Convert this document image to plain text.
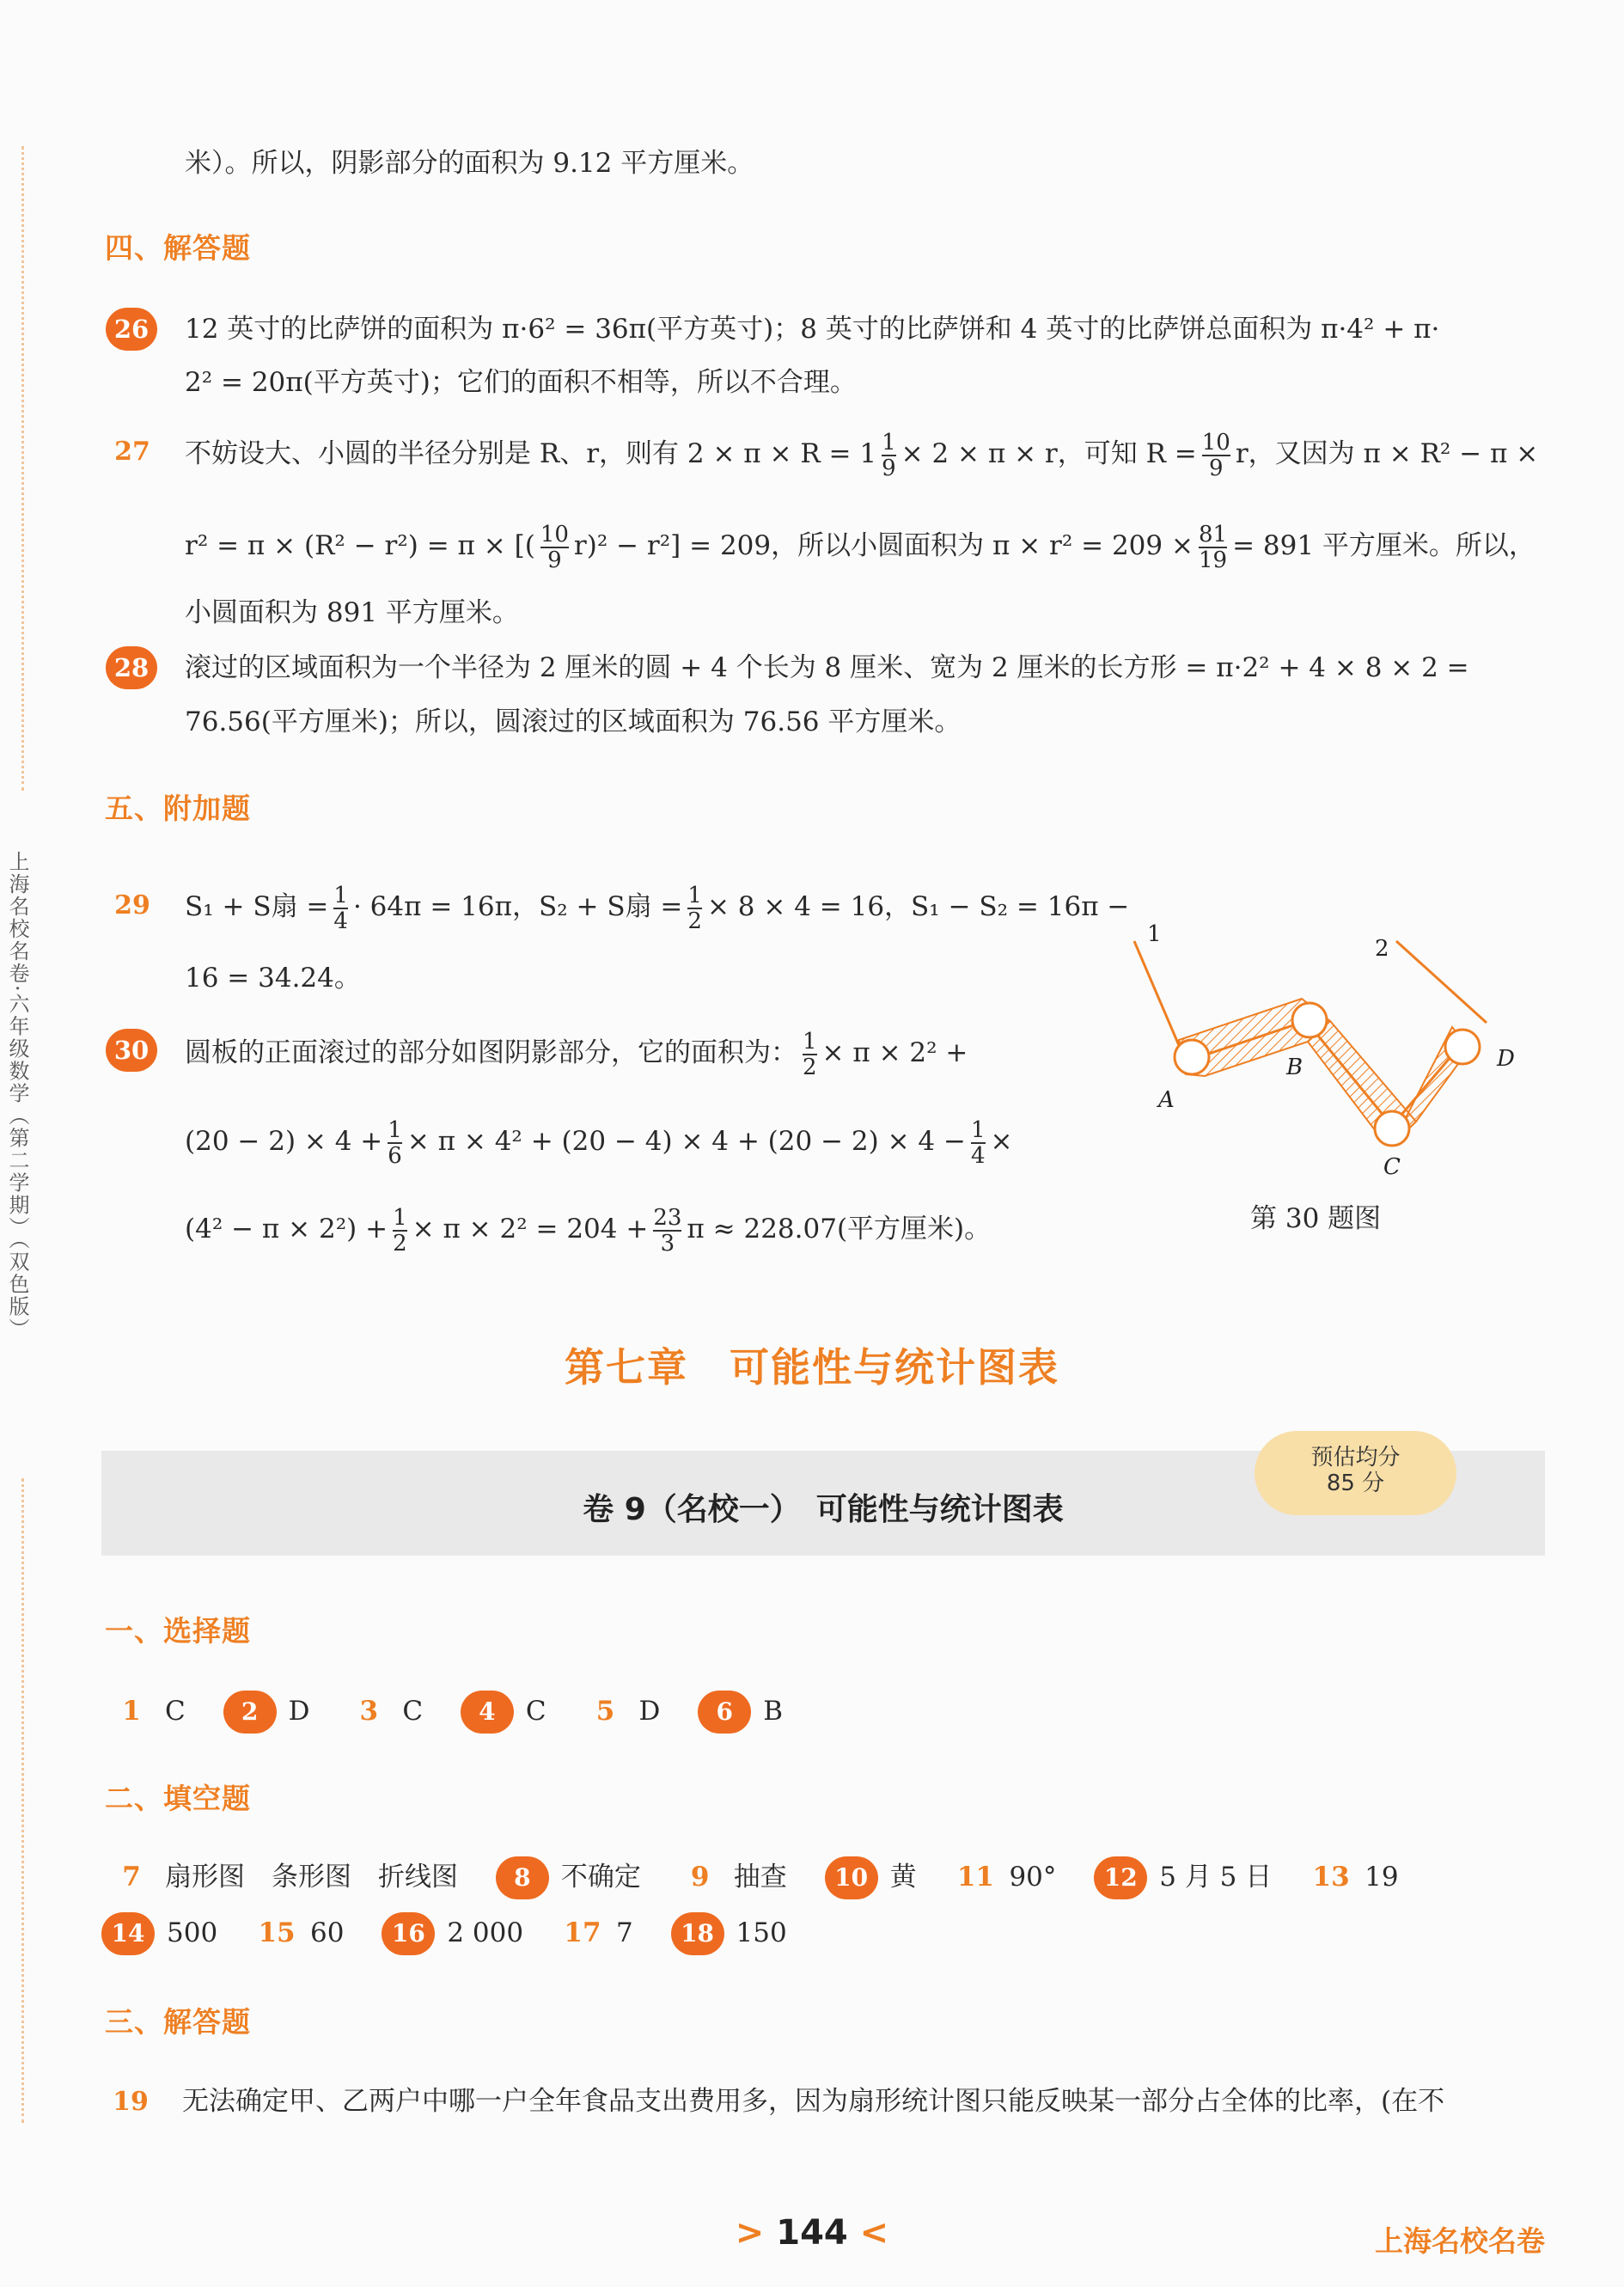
上海名校名卷·六年级数学（第二学期）（双色版）
米）。所以，阴影部分的面积为 9.12 平方厘米。
四、解答题
26	12 英寸的比萨饼的面积为 π·6² = 36π(平方英寸)；8 英寸的比萨饼和 4 英寸的比萨饼总面积为 π·4² + π·
2² = 20π(平方英寸)；它们的面积不相等，所以不合理。
27 不妨设大、小圆的半径分别是 R、r，则有 $2 \times \pi \times R = 1 \frac{1}{9} \times 2 \times \pi \times r$，可知 $R = \frac{10}{9}$ r，又因为 π × R² − π ×
r² = π × (R² − r²) = π × [( $\frac{10}{9} r)^2 - r^2] = 209$，所以小圆面积为 $\pi \times r^2 = 209 \times \frac{81}{19} = 891$ 平方厘米。所以，
小圆面积为 891 平方厘米。
28	滚过的区域面积为一个半径为 2 厘米的圆 + 4 个长为 8 厘米、宽为 2 厘米的长方形 = π·2² + 4 × 8 × 2 =
76.56(平方厘米)；所以，圆滚过的区域面积为 76.56 平方厘米。
五、附加题
29 S₁ + S扇 = $\frac{1}{4} \cdot 64\pi = 16\pi$，S₂ + S扇 = $\frac{1}{2} \times 8 \times 4 = 16$，S₁ − S₂ = 16π −
16 = 34.24。
30	圆板的正面滚过的部分如图阴影部分，它的面积为： $\frac{1}{2} \times \pi \times 2^2$ +
$(20 - 2) \times 4 + \frac{1}{6} \times \pi \times 4^2 + (20 - 4) \times 4 + (20 - 2) \times 4 - \frac{1}{4}$ ×
$(4^2 - \pi \times 2^2) + \frac{1}{2} \times \pi \times 2^2 = 204 + \frac{23}{3}$ π ≈ 228.07(平方厘米)。
1
2
A
B
C
D
第 30 题图
第七章　可能性与统计图表
卷 9（名校一）　可能性与统计图表
预估均分
85 分
一、选择题
1 C 2 D 3 C 4 C 5 D 6 B
二、填空题
7 扇形图　条形图　折线图 8 不确定 9 抽查 10 黄 11 90° 12 5 月 5 日 13 19
14 500 15 60 16 2 000 17 7 18 150
三、解答题
19 无法确定甲、乙两户中哪一户全年食品支出费用多，因为扇形统计图只能反映某一部分占全体的比率，(在不
> 144 <	上海名校名卷
